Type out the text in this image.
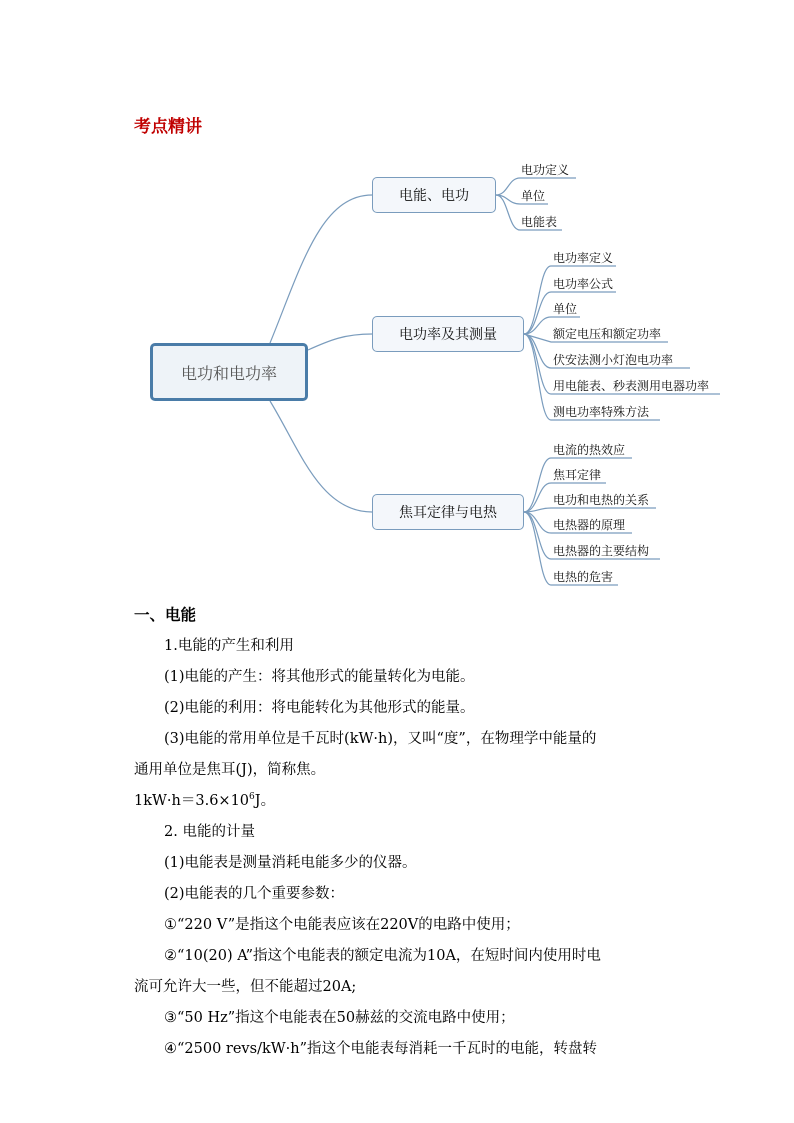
考点精讲
电功和电功率
电能、电功
电功率及其测量
焦耳定律与电热
电功定义
单位
电能表
电功率定义
电功率公式
单位
额定电压和额定功率
伏安法测小灯泡电功率
用电能表、秒表测用电器功率
测电功率特殊方法
电流的热效应
焦耳定律
电功和电热的关系
电热器的原理
电热器的主要结构
电热的危害
一、电能

1.电能的产生和利用

(1)电能的产生：将其他形式的能量转化为电能。

(2)电能的利用：将电能转化为其他形式的能量。

(3)电能的常用单位是千瓦时(kW·h)，又叫“度”，在物理学中能量的

通用单位是焦耳(J)，简称焦。

$1kW\cdot h=3.6\times 10^6J$。

2. 电能的计量

(1)电能表是测量消耗电能多少的仪器。

(2)电能表的几个重要参数：

①“220 V”是指这个电能表应该在220V的电路中使用；

②“10(20) A”指这个电能表的额定电流为10A，在短时间内使用时电

流可允许大一些，但不能超过20A;

③“50 Hz”指这个电能表在50赫兹的交流电路中使用；

④“2500 revs/kW·h”指这个电能表每消耗一千瓦时的电能，转盘转
